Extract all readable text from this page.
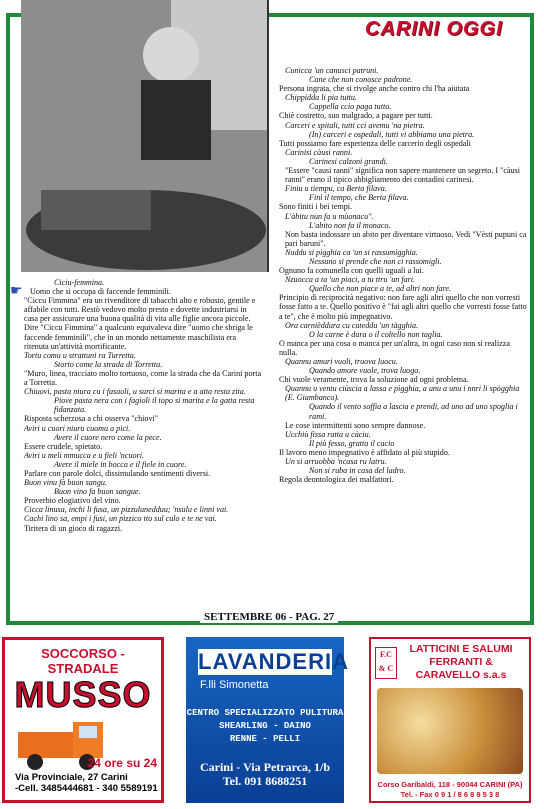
CARINI OGGI
☛

Ciciu-femmina.

Uomo che si occupa di faccende femminili.

"Ciccu Fimmina" era un rivenditore di tabacchi alto e robusto, gentile e affabile con tutti. Restò vedovo molto presto e dovette industriarsi in casa per assicurare una buona qualità di vita alle figlie ancora piccole. Dire "Ciccu Fimmina" a qualcuno equivaleva dire "uomo che sbriga le faccende femminili", che in un mondo nettamente maschilista era ritenuta un'attività mortificante.

Tortu comu u strattuni ra Turretta.

Storto come la strada di Torretta.

"Muro, linea, tracciato molto tortuoso, come la strada che da Carini porta a Torretta.

Chiuovi, pasta niura cu i fasuoli, u surci si marita e a atta resta zita.

Piove pasta nera con i fagioli il topo si marita e la gatta resta fidanzata.

Risposta scherzosa a chi osserva "chiovi"

Aviri u cuori niuru cuomu a pici.

Avere il cuore nero come la pece.

Essere crudele, spietato.

Aviri u meli mmucca e u fieli 'ncuori.

Avere il miele in bocca e il fiele in cuore.

Parlare con parole dolci, dissimulando sentimenti diversi.

Buon vinu fà buon sangu.

Buon vino fa buon sangue.

Proverbio elogiativo del vino.

Cicca linusa, inchi li fusa, un pizzulunedduu; 'nsulu e linni vai.

Cachi lino sa, empi i fusi, un pizzico tto sul culo e te ne vai.

Tiritera di un gioco di ragazzi.

Cunicca 'un canusci patruni.

Cane che non conosce padrone.

Persona ingrata, che si rivolge anche contro chi l'ha aiutata

Chippidda li pia tuttu.

Cappella ccio paga tutto.

Chiè costretto, suo malgrado, a pagare per tutti.

Carceri e spitali, tutti cci avemu 'na pietra.

(In) carceri e ospedali, tutti vi abbiamo una pietra.

Tutti possiamo fare esperienza delle carcerio degli ospedali

Carinisi càusi ranni.

Carinesi calzoni grandi.

"Essere "causi ranni" significa non sapere mantenere un segreto. I "càusi ranni" erano il tipico abbigliamento dei contadini carinesi.

Finiu u tiempu, ca Berta filava.

Finì il tempo, che Berta filava.

Sono finiti i bei tempi.

L'àbitu nun fa u mùonacu".

L'abito non fa il monaco.

Non basta indossare un abito per diventare virtuoso. Vedi "Vèsti pupuni ca pari baruni".

Nuddu si pìgghia ca 'un si rassumìgghia.

Nessuno si prende che non ci rassomigli.

Ognuno fa comunella con quelli uguali a lui.

Nzuocca a ta 'un piaci, a tu ttru 'un fari.

Quello che non piace a te, ad altri non fare.

Principio di reciprocità negativo: non fare agli altri quello che non vorresti fosse fatto a te. Quello positivo è "fai agli altri quello che vorresti fosse fatto a te", che è molto più impegnativo.

Ora carnièddura cu cuteddu 'un tàgghia.

O la carne è dura o il coltello non taglia.

O manca per una cosa o manca per un'altra, in ogni caso non si realizza nulla.

Quannu amuri vuoli, truova luocu.

Quando amore vuole, trova luogo.

Chi vuole veramente, trova la soluzione ad ogni problema.

Quannu u ventu ciùscia a lassa e pìgghia, a unu a unu i nnri li spògghia (E. Giambanco).

Quando il vento soffia a lascia e prendi, ad uno ad uno spoglia i rami.

Le cose intermittenti sono sempre dannose.

Ucchiù fissa ratta u càciu.

Il più fesso, gratta il cacio

Il lavoro meno impegnativo è affidato al più stupido.

Un si arruobba 'ncasa ru latru.

Non si ruba in casa del ladro.

Regola deontologica dei malfattori.

SETTEMBRE 06 - PAG. 27
SOCCORSO - STRADALE
MUSSO
24 ore su 24
Via Provinciale, 27 Carini
-Cell. 3485444681 - 340 5589191
LAVANDERIA
F.lli Simonetta
CENTRO SPECIALIZZATO PULITURA
SHEARLING - DAINO
RENNE - PELLI
Carini - Via Petrarca, 1/b
Tel. 091 8688251
F.C & C
LATTICINI E SALUMI
FERRANTI & CARAVELLO s.a.s
Corso Garibaldi, 118 - 90044 CARINI (PA)
Tel. - Fax 0 9 1 / 8 6 8 9 5 3 8
